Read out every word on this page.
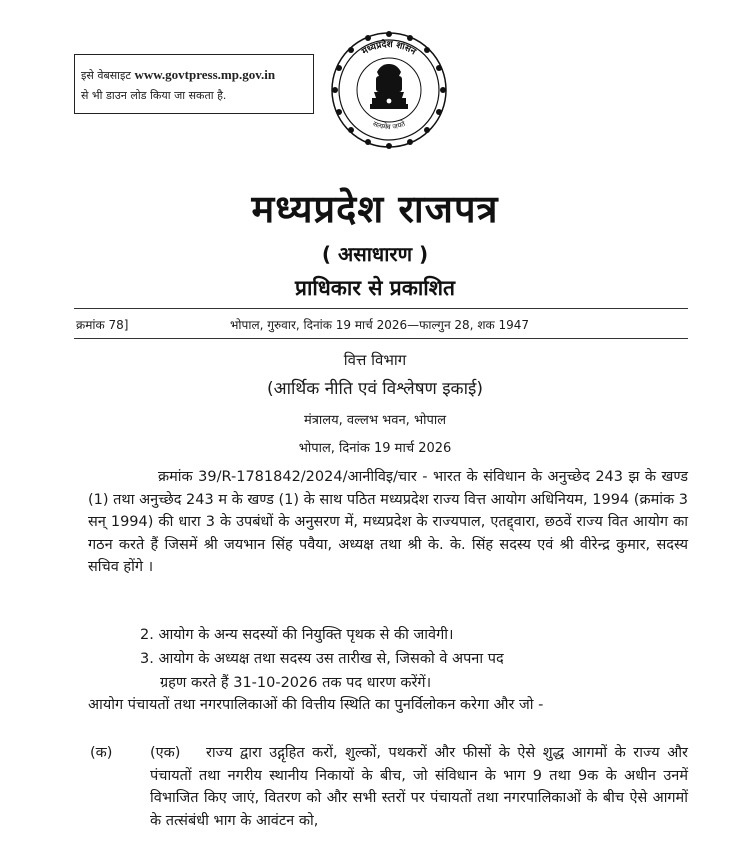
इसे वेबसाइट www.govtpress.mp.gov.in
से भी डाउन लोड किया जा सकता है.
मध्यप्रदेश शासन
सत्यमेव जयते
मध्यप्रदेश राजपत्र
( असाधारण )
प्राधिकार से प्रकाशित
क्रमांक 78]	भोपाल, गुरुवार, दिनांक 19 मार्च 2026—फाल्गुन 28, शक 1947
वित्त विभाग
(आर्थिक नीति एवं विश्लेषण इकाई)
मंत्रालय, वल्लभ भवन, भोपाल
भोपाल, दिनांक 19 मार्च 2026
क्रमांक 39/R-1781842/2024/आनीविइ/चार - भारत के संविधान के अनुच्छेद 243 झ के खण्ड (1) तथा अनुच्छेद 243 म के खण्ड (1) के साथ पठित मध्यप्रदेश राज्य वित्त आयोग अधिनियम, 1994 (क्रमांक 3 सन् 1994) की धारा 3 के उपबंधों के अनुसरण में, मध्यप्रदेश के राज्यपाल, एतद्द्वारा, छठवें राज्य वित आयोग का गठन करते हैं जिसमें श्री जयभान सिंह पवैया, अध्यक्ष तथा श्री के. के. सिंह सदस्य एवं श्री वीरेन्द्र कुमार, सदस्य सचिव होंगे ।
2. आयोग के अन्य सदस्यों की नियुक्ति पृथक से की जावेगी।
3. आयोग के अध्यक्ष तथा सदस्य उस तारीख से, जिसको वे अपना पद
ग्रहण करते हैं 31-10-2026 तक पद धारण करेंगें।
आयोग पंचायतों तथा नगरपालिकाओं की वित्तीय स्थिति का पुनर्विलोकन करेगा और जो -
(क)	(एक)	राज्य द्वारा उद्गृहित करों, शुल्कों, पथकरों और फीसों के ऐसे शुद्ध आगमों के राज्य और पंचायतों तथा नगरीय स्थानीय निकायों के बीच, जो संविधान के भाग 9 तथा 9क के अधीन उनमें विभाजित किए जाएं, वितरण को और सभी स्तरों पर पंचायतों तथा नगरपालिकाओं के बीच ऐसे आगमों के तत्संबंधी भाग के आवंटन को,
